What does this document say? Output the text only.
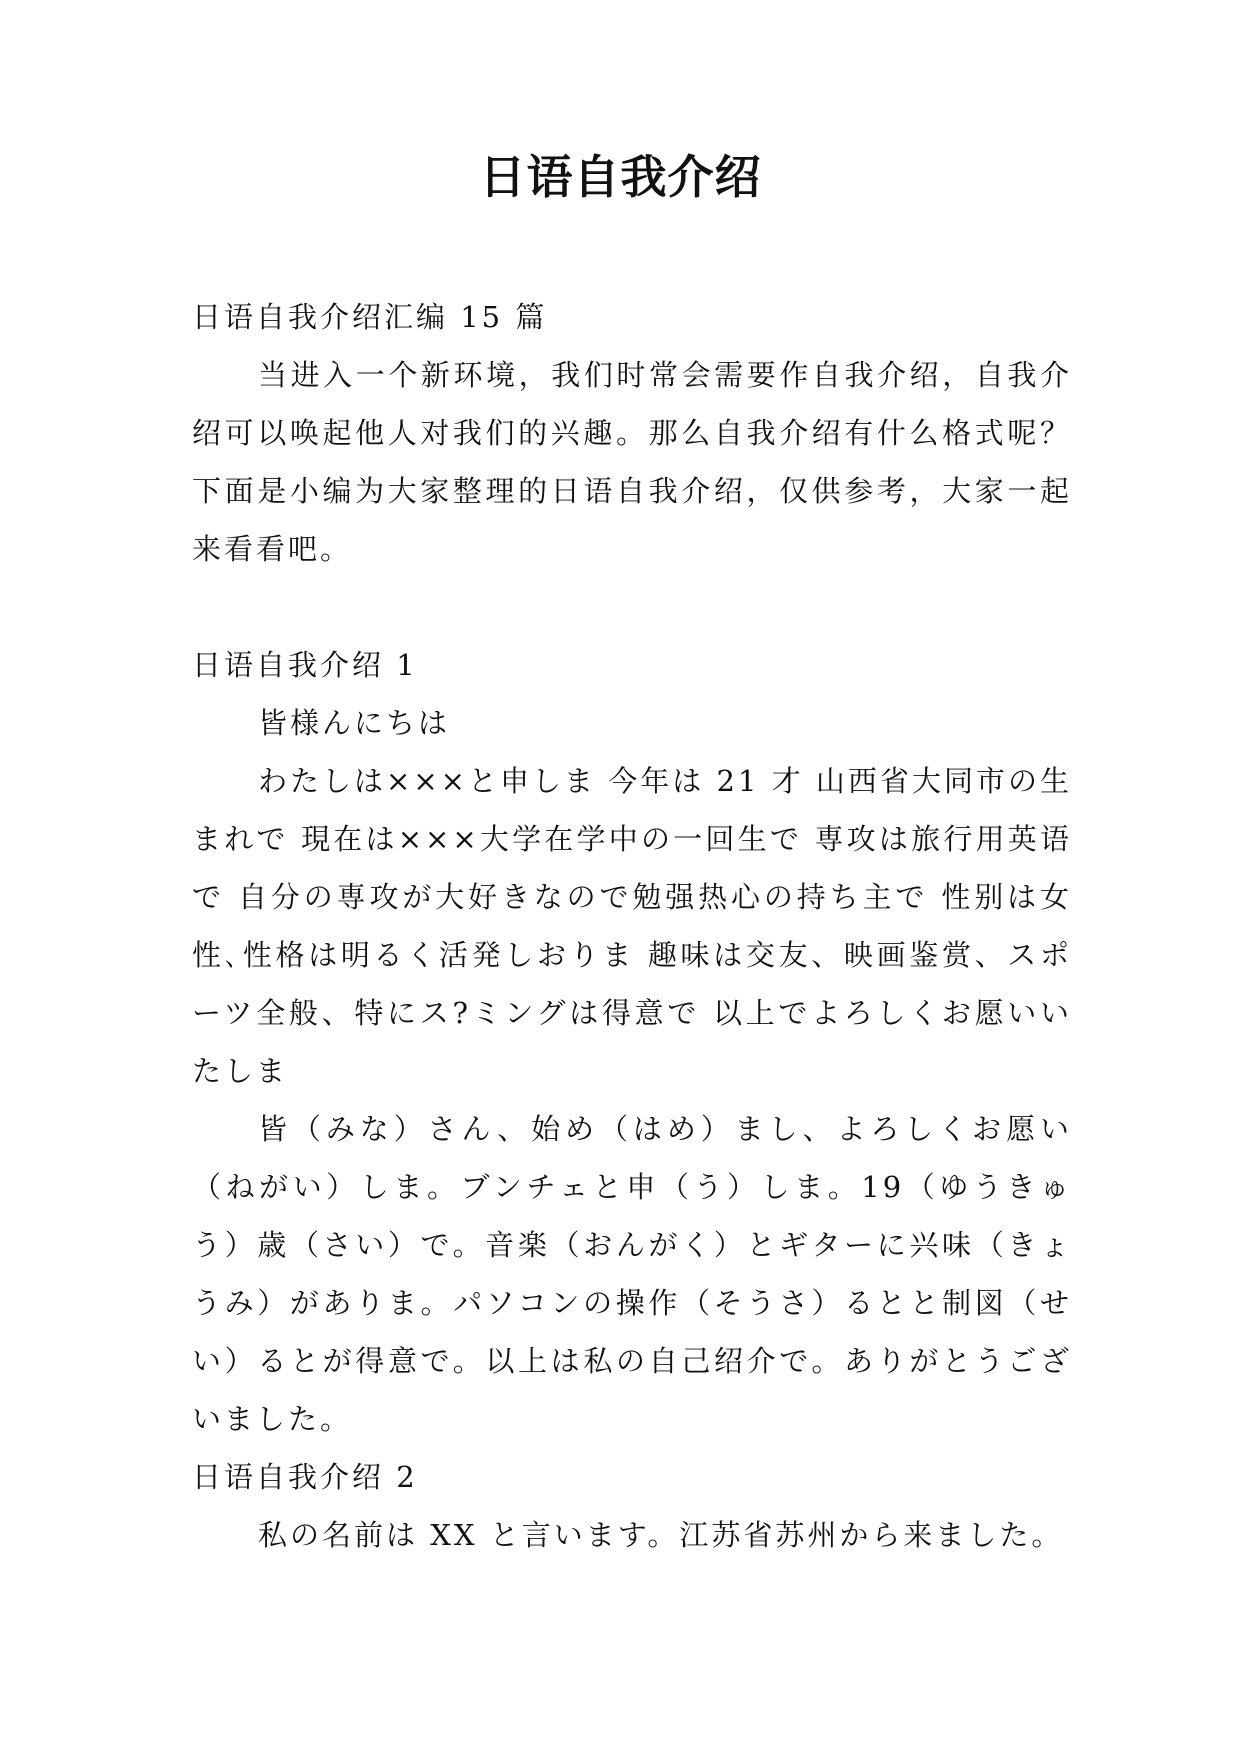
日语自我介绍

日语自我介绍汇编 15 篇

当进入一个新环境，我们时常会需要作自我介绍，自我介绍可以唤起他人对我们的兴趣。那么自我介绍有什么格式呢？下面是小编为大家整理的日语自我介绍，仅供参考，大家一起来看看吧。

日语自我介绍 1

皆様んにちは

わたしは×××と申しま 今年は 21 才 山西省大同市の生まれで 現在は×××大学在学中の一回生で 専攻は旅行用英语で 自分の専攻が大好きなので勉强热心の持ち主で 性别は女性､性格は明るく活発しおりま 趣味は交友、映画鉴赏、スポーツ全般、特にス?ミングは得意で 以上でよろしくお愿いいたしま

皆（みな）さん、始め（はめ）まし、よろしくお愿い（ねがい）しま。ブンチェと申（う）しま。19（ゆうきゅう）歳（さい）で。音楽（おんがく）とギターに兴味（きょうみ）がありま。パソコンの操作（そうさ）るとと制図（せい）るとが得意で。以上は私の自己绍介で。ありがとうございました。

日语自我介绍 2

私の名前は XX と言います。江苏省苏州から来ました。
